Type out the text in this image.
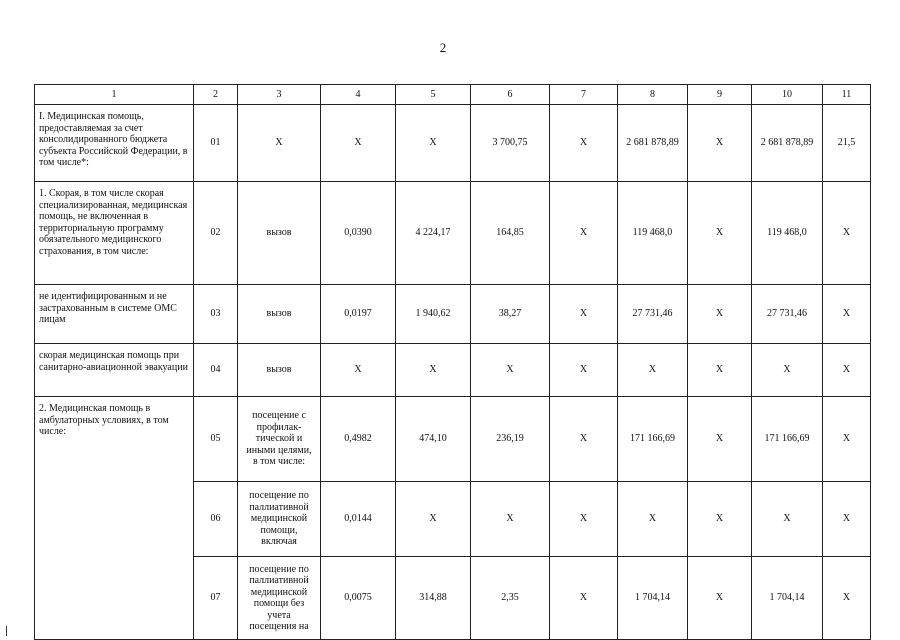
2
1	2	3	4	5	6	7	8	9	10	11
I. Медицинская помощь, предоставляемая за счет консолидированного бюджета субъекта Российской Федерации, в том числе*:	01	X	X	X	3 700,75	X	2 681 878,89	X	2 681 878,89	21,5
1. Скорая, в том числе скорая специализированная, медицинская помощь, не включенная в территориальную программу обязательного медицинского страхования, в том числе:	02	вызов	0,0390	4 224,17	164,85	X	119 468,0	X	119 468,0	X
не идентифицированным и не застрахованным в системе ОМС лицам	03	вызов	0,0197	1 940,62	38,27	X	27 731,46	X	27 731,46	X
скорая медицинская помощь при санитарно-авиационной эвакуации	04	вызов	X	X	X	X	X	X	X	X
2. Медицинская помощь в амбулаторных условиях, в том числе:	05	посещение с профилак-тической и иными целями, в том числе:	0,4982	474,10	236,19	X	171 166,69	X	171 166,69	X
	06	посещение по паллиативной медицинской помощи, включая	0,0144	X	X	X	X	X	X	X
	07	посещение по паллиативной медицинской помощи без учета посещения на	0,0075	314,88	2,35	X	1 704,14	X	1 704,14	X
